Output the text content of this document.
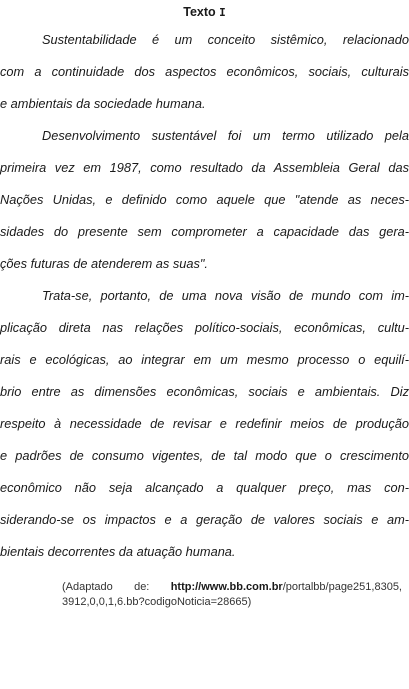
Texto I
Sustentabilidade é um conceito sistêmico, relacionado
com a continuidade dos aspectos econômicos, sociais, culturais
e ambientais da sociedade humana.
Desenvolvimento sustentável foi um termo utilizado pela
primeira vez em 1987, como resultado da Assembleia Geral das
Nações Unidas, e definido como aquele que "atende as neces-
sidades do presente sem comprometer a capacidade das gera-
ções futuras de atenderem as suas".
Trata-se, portanto, de uma nova visão de mundo com im-
plicação direta nas relações político-sociais, econômicas, cultu-
rais e ecológicas, ao integrar em um mesmo processo o equilí-
brio entre as dimensões econômicas, sociais e ambientais. Diz
respeito à necessidade de revisar e redefinir meios de produção
e padrões de consumo vigentes, de tal modo que o crescimento
econômico não seja alcançado a qualquer preço, mas con-
siderando-se os impactos e a geração de valores sociais e am-
bientais decorrentes da atuação humana.
(Adaptado de: http://www.bb.com.br/portalbb/page251,8305,
3912,0,0,1,6.bb?codigoNoticia=28665)
